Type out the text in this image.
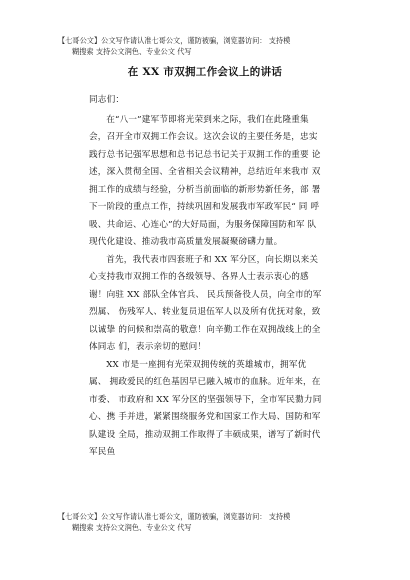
【七哥公文】公文写作请认准七哥公文，谨防被骗，浏览器访问： 支持模
糊搜索 支持公文润色、专业公文 代写
在 XX 市双拥工作会议上的讲话

同志们：

在“八一”建军节即将光荣到来之际，我们在此隆重集 会，召开全市双拥工作会议。这次会议的主要任务是，忠实 践行总书记强军思想和总书记总书记关于双拥工作的重要 论述，深入贯彻全国、全省相关会议精神，总结近年来我市 双拥工作的成绩与经验，分析当前面临的新形势新任务，部 署下一阶段的重点工作，持续巩固和发展我市军政军民“ 同 呼吸、共命运、心连心”的大好局面，为服务保障国防和军 队现代化建设、推动我市高质量发展凝聚磅礴力量。

首先，我代表市四套班子和 XX 军分区，向长期以来关心支持我市双拥工作的各级领导、各界人士表示衷心的感谢！向驻 XX 部队全体官兵、 民兵预备役人员，向全市的军烈属、 伤残军人、转业复员退伍军人以及所有优抚对象，致以诚挚 的问候和崇高的敬意！向辛勤工作在双拥战线上的全体同志 们，表示亲切的慰问！

XX 市是一座拥有光荣双拥传统的英雄城市，拥军优属、 拥政爱民的红色基因早已融入城市的血脉。近年来，在市委、 市政府和 XX 军分区的坚强领导下，全市军民勠力同心、携 手并进，紧紧围绕服务党和国家工作大局、国防和军队建设 全局，推动双拥工作取得了丰硕成果，谱写了新时代军民鱼

【七哥公文】公文写作请认准七哥公文，谨防被骗，浏览器访问： 支持模
糊搜索 支持公文润色、专业公文 代写
